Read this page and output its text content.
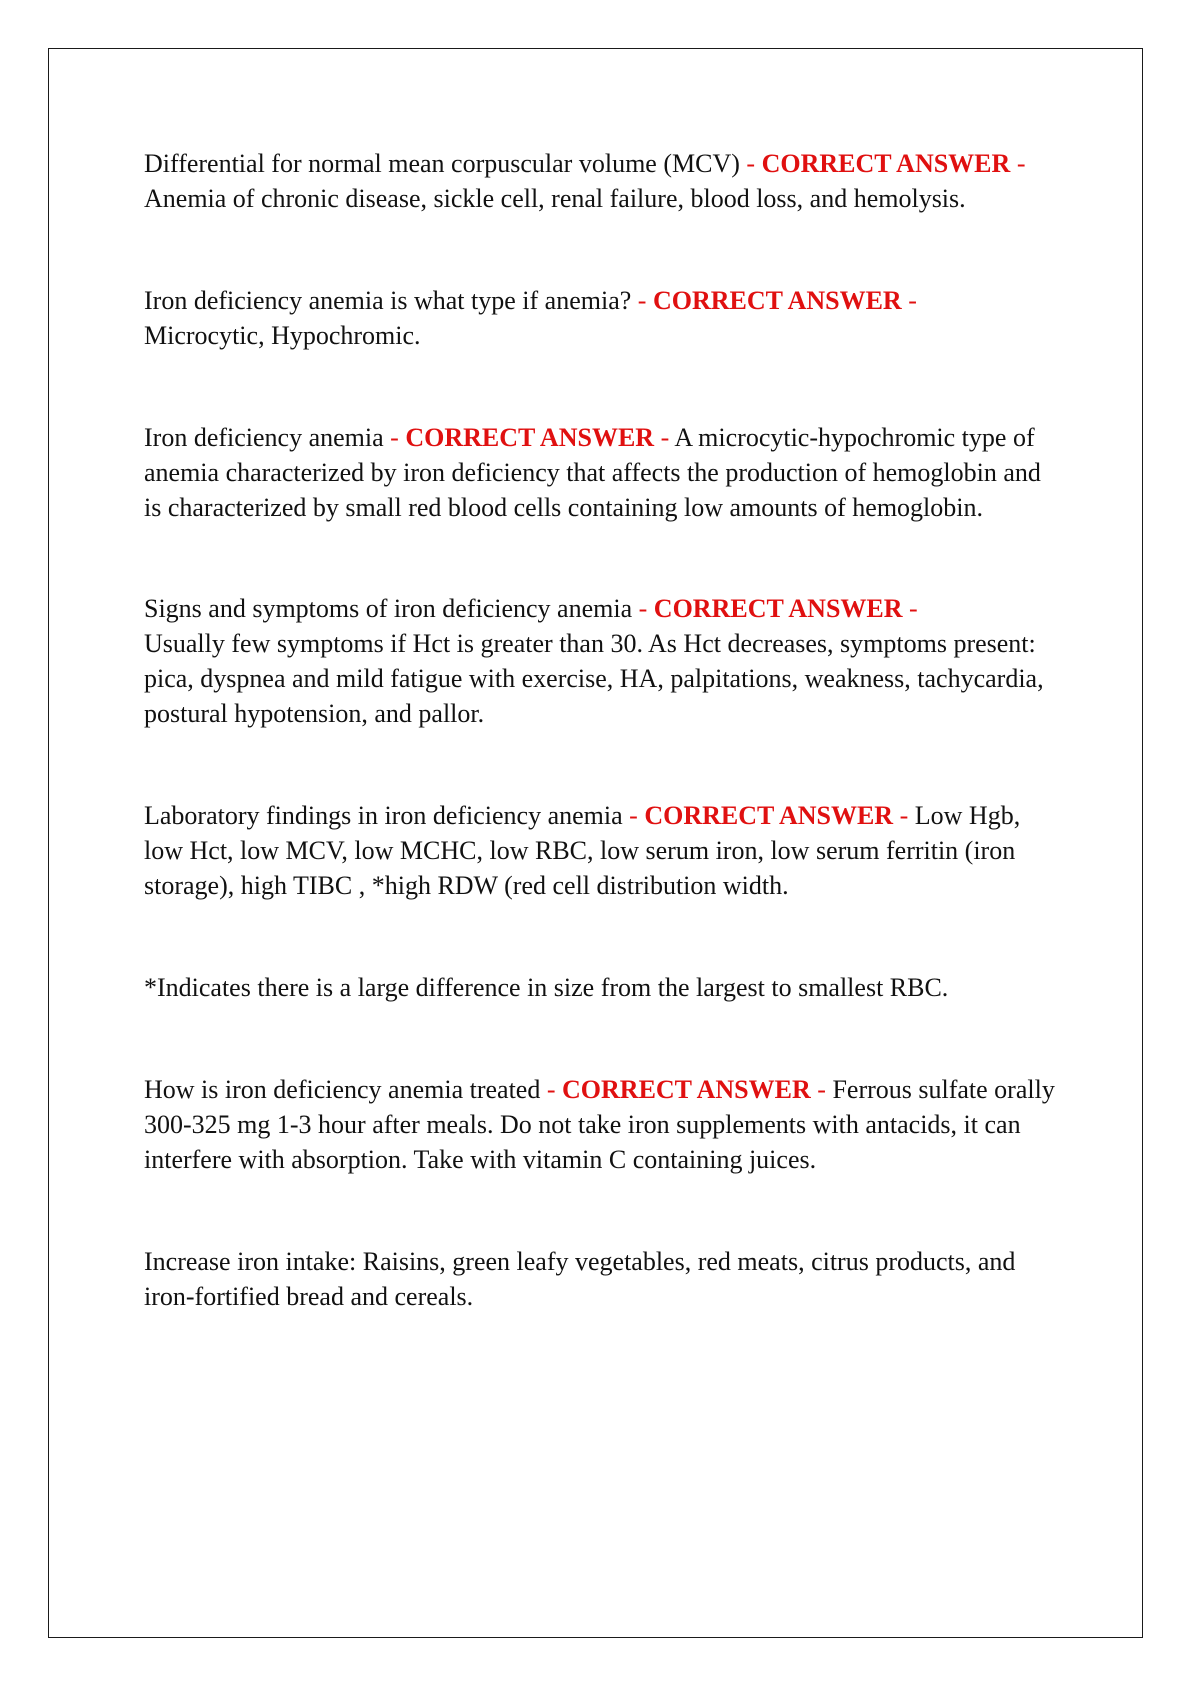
Differential for normal mean corpuscular volume (MCV) - CORRECT ANSWER - Anemia of chronic disease, sickle cell, renal failure, blood loss, and hemolysis.

Iron deficiency anemia is what type if anemia? - CORRECT ANSWER -
Microcytic, Hypochromic.

Iron deficiency anemia - CORRECT ANSWER - A microcytic-hypochromic type of anemia characterized by iron deficiency that affects the production of hemoglobin and is characterized by small red blood cells containing low amounts of hemoglobin.

Signs and symptoms of iron deficiency anemia - CORRECT ANSWER -
Usually few symptoms if Hct is greater than 30. As Hct decreases, symptoms present: pica, dyspnea and mild fatigue with exercise, HA, palpitations, weakness, tachycardia, postural hypotension, and pallor.

Laboratory findings in iron deficiency anemia - CORRECT ANSWER - Low Hgb, low Hct, low MCV, low MCHC, low RBC, low serum iron, low serum ferritin (iron storage), high TIBC , *high RDW (red cell distribution width.

*Indicates there is a large difference in size from the largest to smallest RBC.

How is iron deficiency anemia treated - CORRECT ANSWER - Ferrous sulfate orally 300-325 mg 1-3 hour after meals. Do not take iron supplements with antacids, it can interfere with absorption. Take with vitamin C containing juices.

Increase iron intake: Raisins, green leafy vegetables, red meats, citrus products, and iron-fortified bread and cereals.
